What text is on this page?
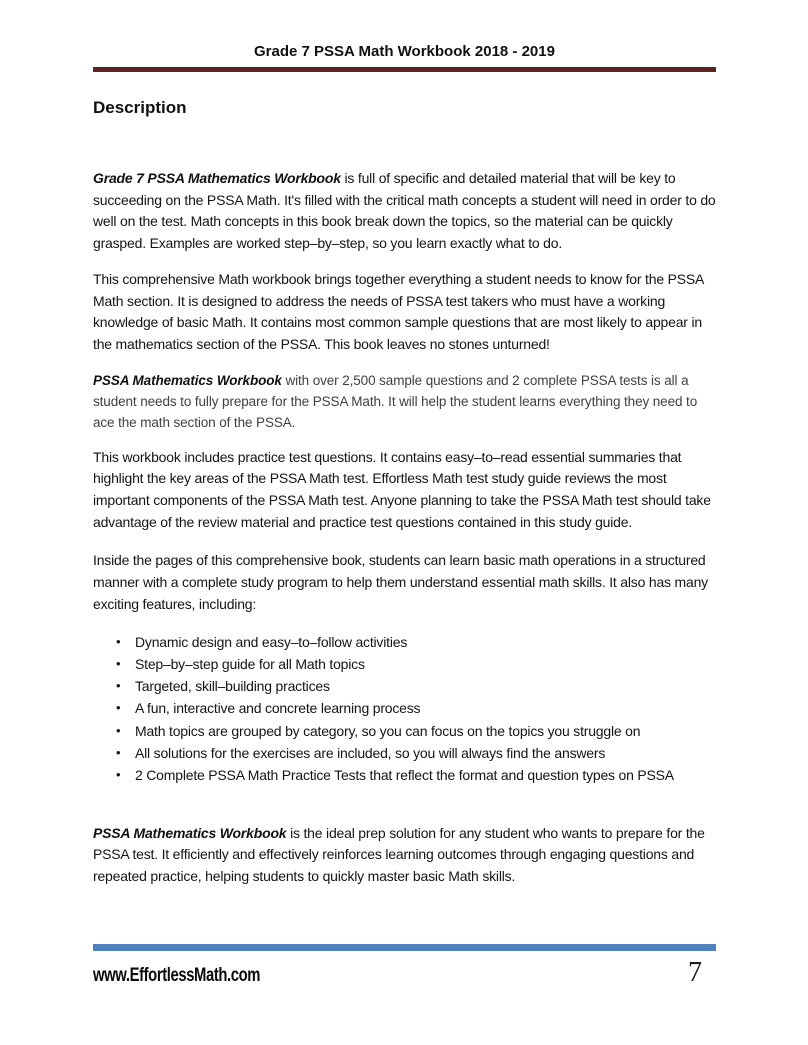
Grade 7 PSSA Math Workbook 2018 - 2019
Description

Grade 7 PSSA Mathematics Workbook is full of specific and detailed material that will be key to succeeding on the PSSA Math. It's filled with the critical math concepts a student will need in order to do well on the test. Math concepts in this book break down the topics, so the material can be quickly grasped. Examples are worked step–by–step, so you learn exactly what to do.

This comprehensive Math workbook brings together everything a student needs to know for the PSSA Math section. It is designed to address the needs of PSSA test takers who must have a working knowledge of basic Math. It contains most common sample questions that are most likely to appear in the mathematics section of the PSSA. This book leaves no stones unturned!

PSSA Mathematics Workbook with over 2,500 sample questions and 2 complete PSSA tests is all a student needs to fully prepare for the PSSA Math. It will help the student learns everything they need to ace the math section of the PSSA.

This workbook includes practice test questions. It contains easy–to–read essential summaries that highlight the key areas of the PSSA Math test. Effortless Math test study guide reviews the most important components of the PSSA Math test. Anyone planning to take the PSSA Math test should take advantage of the review material and practice test questions contained in this study guide.

Inside the pages of this comprehensive book, students can learn basic math operations in a structured manner with a complete study program to help them understand essential math skills. It also has many exciting features, including:

•	Dynamic design and easy–to–follow activities
•	Step–by–step guide for all Math topics
•	Targeted, skill–building practices
•	A fun, interactive and concrete learning process
•	Math topics are grouped by category, so you can focus on the topics you struggle on
•	All solutions for the exercises are included, so you will always find the answers
•	2 Complete PSSA Math Practice Tests that reflect the format and question types on PSSA

PSSA Mathematics Workbook is the ideal prep solution for any student who wants to prepare for the PSSA test. It efficiently and effectively reinforces learning outcomes through engaging questions and repeated practice, helping students to quickly master basic Math skills.

www.EffortlessMath.com	7
